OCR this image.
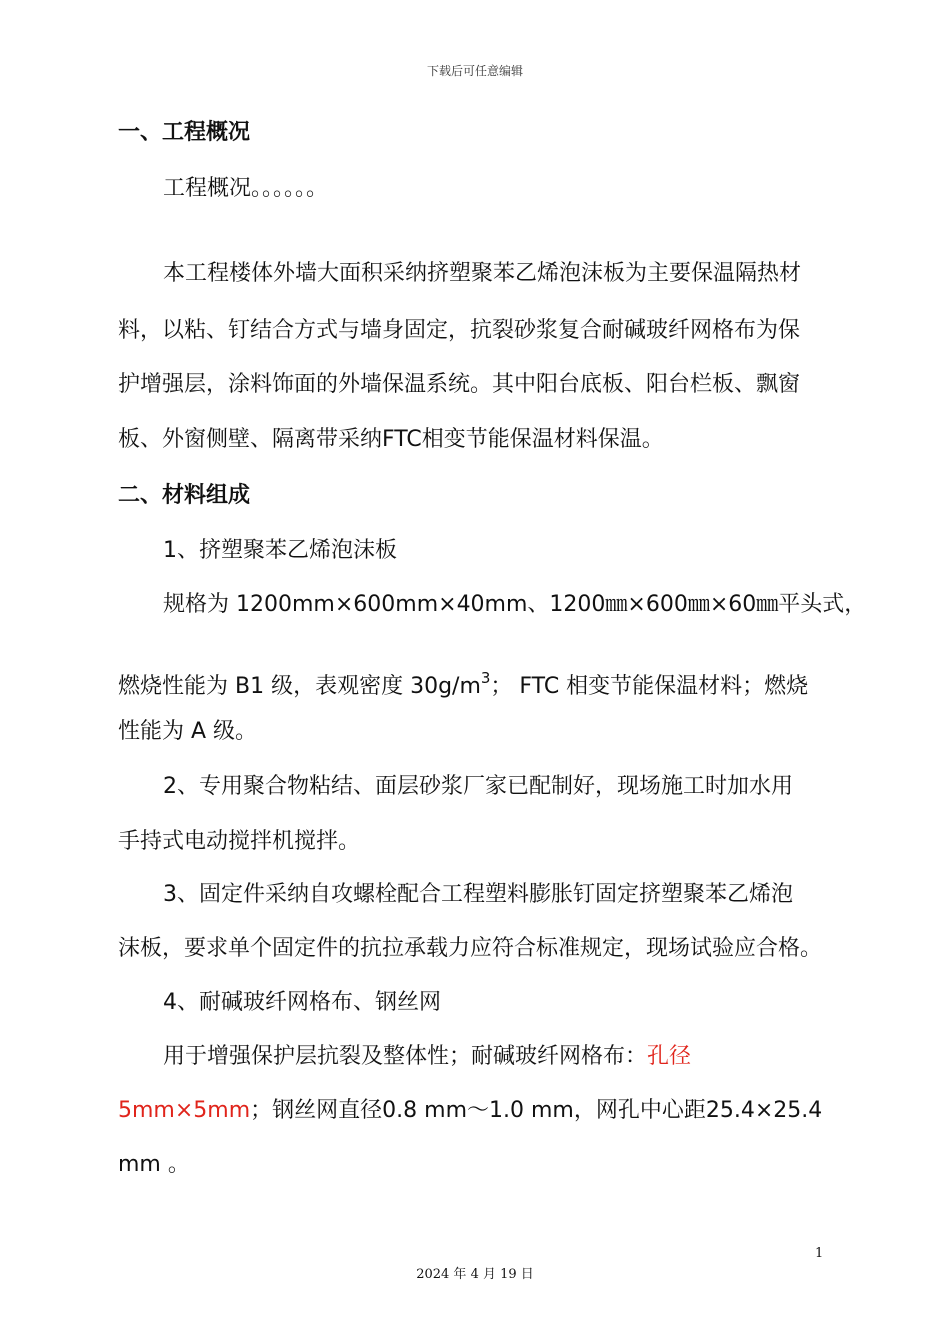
下载后可任意编辑
一、工程概况
工程概况。。。。。。
本工程楼体外墙大面积采纳挤塑聚苯乙烯泡沫板为主要保温隔热材
料，以粘、钉结合方式与墙身固定，抗裂砂浆复合耐碱玻纤网格布为保
护增强层，涂料饰面的外墙保温系统。其中阳台底板、阳台栏板、飘窗
板、外窗侧壁、隔离带采纳FTC相变节能保温材料保温。
二、材料组成
1、挤塑聚苯乙烯泡沫板
规格为 1200mm×600mm×40mm、1200㎜×600㎜×60㎜平头式，
燃烧性能为 B1 级，表观密度 $30g/m^3$； FTC 相变节能保温材料；燃烧
性能为 A 级。
2、专用聚合物粘结、面层砂浆厂家已配制好，现场施工时加水用
手持式电动搅拌机搅拌。
3、固定件采纳自攻螺栓配合工程塑料膨胀钉固定挤塑聚苯乙烯泡
沫板，要求单个固定件的抗拉承载力应符合标准规定，现场试验应合格。
4、耐碱玻纤网格布、钢丝网
用于增强保护层抗裂及整体性；耐碱玻纤网格布：孔径
5mm×5mm；钢丝网直径0.8 mm～1.0 mm，网孔中心距25.4×25.4
mm 。
1
2024 年 4 月 19 日
